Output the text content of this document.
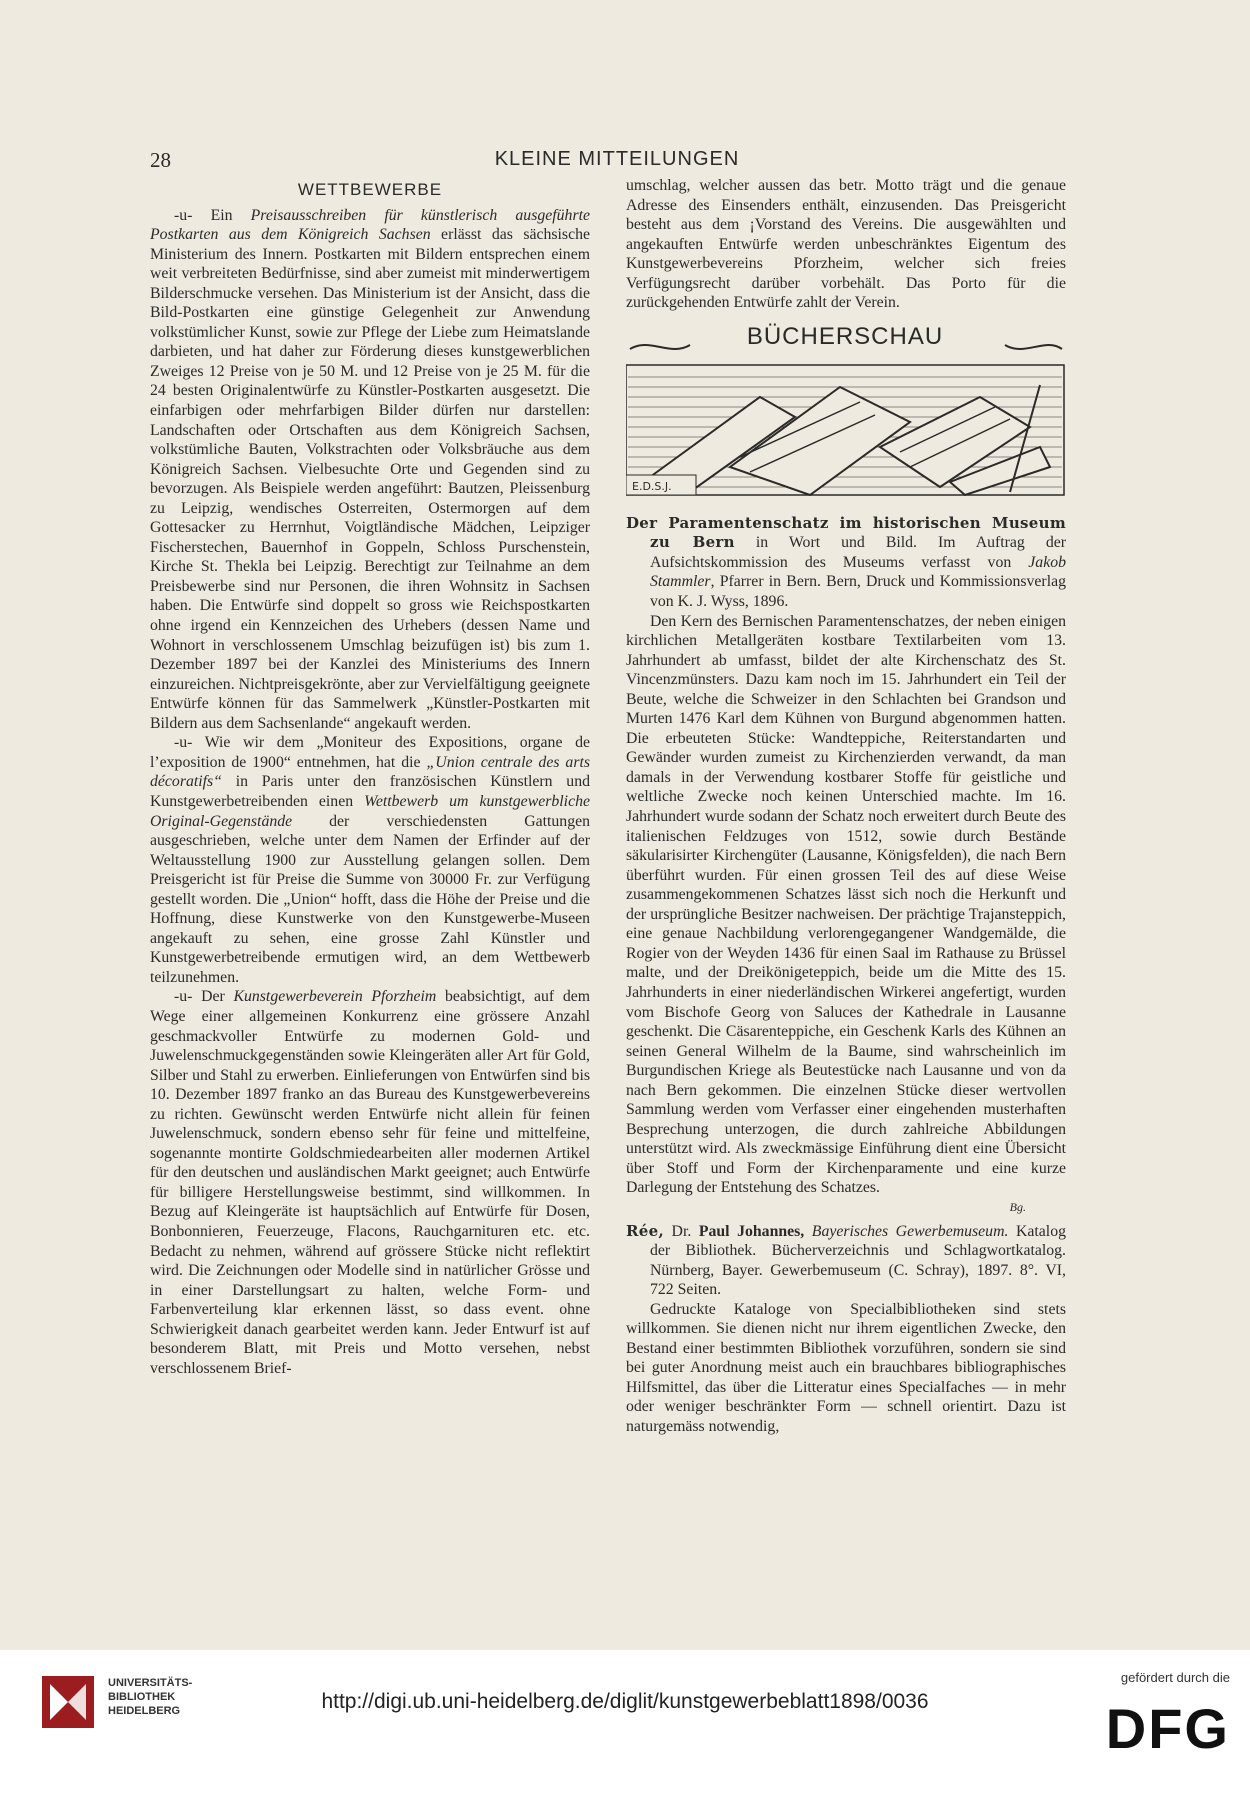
28	KLEINE MITTEILUNGEN
WETTBEWERBE

-u- Ein Preisausschreiben für künstlerisch ausgeführte Postkarten aus dem Königreich Sachsen erlässt das sächsische Ministerium des Innern. Postkarten mit Bildern entsprechen einem weit verbreiteten Bedürfnisse, sind aber zumeist mit minderwertigem Bilderschmucke versehen. Das Ministerium ist der Ansicht, dass die Bild-Postkarten eine günstige Gelegenheit zur Anwendung volkstümlicher Kunst, sowie zur Pflege der Liebe zum Heimatslande darbieten, und hat daher zur Förderung dieses kunstgewerblichen Zweiges 12 Preise von je 50 M. und 12 Preise von je 25 M. für die 24 besten Originalentwürfe zu Künstler-Postkarten ausgesetzt. Die einfarbigen oder mehrfarbigen Bilder dürfen nur darstellen: Landschaften oder Ortschaften aus dem Königreich Sachsen, volkstümliche Bauten, Volkstrachten oder Volksbräuche aus dem Königreich Sachsen. Vielbesuchte Orte und Gegenden sind zu bevorzugen. Als Beispiele werden angeführt: Bautzen, Pleissenburg zu Leipzig, wendisches Osterreiten, Ostermorgen auf dem Gottesacker zu Herrnhut, Voigtländische Mädchen, Leipziger Fischerstechen, Bauernhof in Goppeln, Schloss Purschenstein, Kirche St. Thekla bei Leipzig. Berechtigt zur Teilnahme an dem Preisbewerbe sind nur Personen, die ihren Wohnsitz in Sachsen haben. Die Entwürfe sind doppelt so gross wie Reichspostkarten ohne irgend ein Kennzeichen des Urhebers (dessen Name und Wohnort in verschlossenem Umschlag beizufügen ist) bis zum 1. Dezember 1897 bei der Kanzlei des Ministeriums des Innern einzureichen. Nichtpreisgekrönte, aber zur Vervielfältigung geeignete Entwürfe können für das Sammelwerk „Künstler-Postkarten mit Bildern aus dem Sachsenlande“ angekauft werden.

-u- Wie wir dem „Moniteur des Expositions, organe de l’exposition de 1900“ entnehmen, hat die „Union centrale des arts décoratifs“ in Paris unter den französischen Künstlern und Kunstgewerbetreibenden einen Wettbewerb um kunstgewerbliche Original-Gegenstände der verschiedensten Gattungen ausgeschrieben, welche unter dem Namen der Erfinder auf der Weltausstellung 1900 zur Ausstellung gelangen sollen. Dem Preisgericht ist für Preise die Summe von 30000 Fr. zur Verfügung gestellt worden. Die „Union“ hofft, dass die Höhe der Preise und die Hoffnung, diese Kunstwerke von den Kunstgewerbe-Museen angekauft zu sehen, eine grosse Zahl Künstler und Kunstgewerbetreibende ermutigen wird, an dem Wettbewerb teilzunehmen.

-u- Der Kunstgewerbeverein Pforzheim beabsichtigt, auf dem Wege einer allgemeinen Konkurrenz eine grössere Anzahl geschmackvoller Entwürfe zu modernen Gold- und Juwelenschmuckgegenständen sowie Kleingeräten aller Art für Gold, Silber und Stahl zu erwerben. Einlieferungen von Entwürfen sind bis 10. Dezember 1897 franko an das Bureau des Kunstgewerbevereins zu richten. Gewünscht werden Entwürfe nicht allein für feinen Juwelenschmuck, sondern ebenso sehr für feine und mittelfeine, sogenannte montirte Goldschmiedearbeiten aller modernen Artikel für den deutschen und ausländischen Markt geeignet; auch Entwürfe für billigere Herstellungsweise bestimmt, sind willkommen. In Bezug auf Kleingeräte ist hauptsächlich auf Entwürfe für Dosen, Bonbonnieren, Feuerzeuge, Flacons, Rauchgarnituren etc. etc. Bedacht zu nehmen, während auf grössere Stücke nicht reflektirt wird. Die Zeichnungen oder Modelle sind in natürlicher Grösse und in einer Darstellungsart zu halten, welche Form- und Farbenverteilung klar erkennen lässt, so dass event. ohne Schwierigkeit danach gearbeitet werden kann. Jeder Entwurf ist auf besonderem Blatt, mit Preis und Motto versehen, nebst verschlossenem Brief-

umschlag, welcher aussen das betr. Motto trägt und die genaue Adresse des Einsenders enthält, einzusenden. Das Preisgericht besteht aus dem ¡Vorstand des Vereins. Die ausgewählten und angekauften Entwürfe werden unbeschränktes Eigentum des Kunstgewerbevereins Pforzheim, welcher sich freies Verfügungsrecht darüber vorbehält. Das Porto für die zurückgehenden Entwürfe zahlt der Verein.

E.D.S.J.
BÜCHERSCHAU

Der Paramentenschatz im historischen Museum zu Bern in Wort und Bild. Im Auftrag der Aufsichtskommission des Museums verfasst von Jakob Stammler, Pfarrer in Bern. Bern, Druck und Kommissionsverlag von K. J. Wyss, 1896.

Den Kern des Bernischen Paramentenschatzes, der neben einigen kirchlichen Metallgeräten kostbare Textilarbeiten vom 13. Jahrhundert ab umfasst, bildet der alte Kirchenschatz des St. Vincenzmünsters. Dazu kam noch im 15. Jahrhundert ein Teil der Beute, welche die Schweizer in den Schlachten bei Grandson und Murten 1476 Karl dem Kühnen von Burgund abgenommen hatten. Die erbeuteten Stücke: Wandteppiche, Reiterstandarten und Gewänder wurden zumeist zu Kirchenzierden verwandt, da man damals in der Verwendung kostbarer Stoffe für geistliche und weltliche Zwecke noch keinen Unterschied machte. Im 16. Jahrhundert wurde sodann der Schatz noch erweitert durch Beute des italienischen Feldzuges von 1512, sowie durch Bestände säkularisirter Kirchengüter (Lausanne, Königsfelden), die nach Bern überführt wurden. Für einen grossen Teil des auf diese Weise zusammengekommenen Schatzes lässt sich noch die Herkunft und der ursprüngliche Besitzer nachweisen. Der prächtige Trajansteppich, eine genaue Nachbildung verlorengegangener Wandgemälde, die Rogier von der Weyden 1436 für einen Saal im Rathause zu Brüssel malte, und der Dreikönigeteppich, beide um die Mitte des 15. Jahrhunderts in einer niederländischen Wirkerei angefertigt, wurden vom Bischofe Georg von Saluces der Kathedrale in Lausanne geschenkt. Die Cäsarenteppiche, ein Geschenk Karls des Kühnen an seinen General Wilhelm de la Baume, sind wahrscheinlich im Burgundischen Kriege als Beutestücke nach Lausanne und von da nach Bern gekommen. Die einzelnen Stücke dieser wertvollen Sammlung werden vom Verfasser einer eingehenden musterhaften Besprechung unterzogen, die durch zahlreiche Abbildungen unterstützt wird. Als zweckmässige Einführung dient eine Übersicht über Stoff und Form der Kirchenparamente und eine kurze Darlegung der Entstehung des Schatzes.

Bg.

Rée, Dr. Paul Johannes, Bayerisches Gewerbemuseum. Katalog der Bibliothek. Bücherverzeichnis und Schlagwortkatalog. Nürnberg, Bayer. Gewerbemuseum (C. Schray), 1897. 8°. VI, 722 Seiten.

Gedruckte Kataloge von Specialbibliotheken sind stets willkommen. Sie dienen nicht nur ihrem eigentlichen Zwecke, den Bestand einer bestimmten Bibliothek vorzuführen, sondern sie sind bei guter Anordnung meist auch ein brauchbares bibliographisches Hilfsmittel, das über die Litteratur eines Specialfaches — in mehr oder weniger beschränkter Form — schnell orientirt. Dazu ist naturgemäss notwendig,

UNIVERSITÄTS-
BIBLIOTHEK
HEIDELBERG	http://digi.ub.uni-heidelberg.de/diglit/kunstgewerbeblatt1898/0036
gefördert durch die
DFG
